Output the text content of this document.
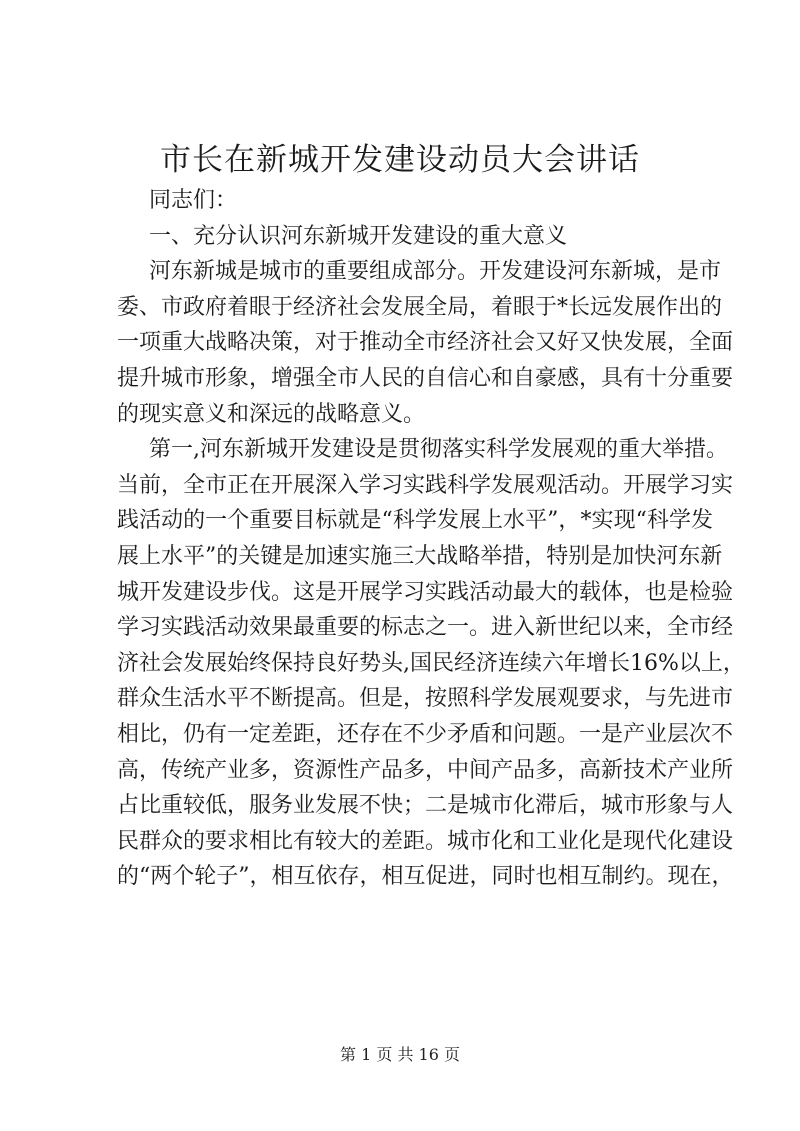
市长在新城开发建设动员大会讲话
同志们：
一、充分认识河东新城开发建设的重大意义
河东新城是城市的重要组成部分。开发建设河东新城，是市
委、市政府着眼于经济社会发展全局，着眼于*长远发展作出的
一项重大战略决策，对于推动全市经济社会又好又快发展，全面
提升城市形象，增强全市人民的自信心和自豪感，具有十分重要
的现实意义和深远的战略意义。
第一,河东新城开发建设是贯彻落实科学发展观的重大举措。
当前，全市正在开展深入学习实践科学发展观活动。开展学习实
践活动的一个重要目标就是“科学发展上水平”，*实现“科学发
展上水平”的关键是加速实施三大战略举措，特别是加快河东新
城开发建设步伐。这是开展学习实践活动最大的载体，也是检验
学习实践活动效果最重要的标志之一。进入新世纪以来，全市经
济社会发展始终保持良好势头,国民经济连续六年增长16%以上，
群众生活水平不断提高。但是，按照科学发展观要求，与先进市
相比，仍有一定差距，还存在不少矛盾和问题。一是产业层次不
高，传统产业多，资源性产品多，中间产品多，高新技术产业所
占比重较低，服务业发展不快；二是城市化滞后，城市形象与人
民群众的要求相比有较大的差距。城市化和工业化是现代化建设
的“两个轮子”，相互依存，相互促进，同时也相互制约。现在，
第 1 页 共 16 页
